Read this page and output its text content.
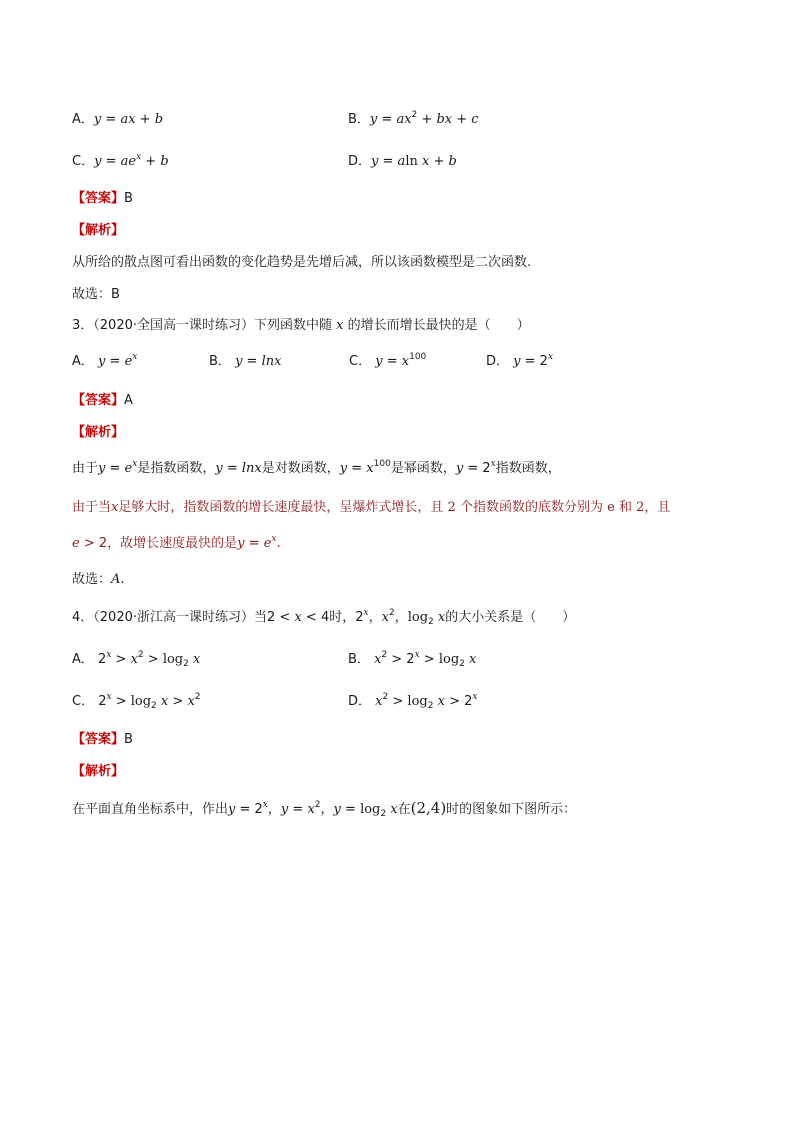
A．y = ax + b	B．$y = ax^2$ + bx + c
C．$y = ae^x + b$	D．y = aln x + b
【答案】B
【解析】
从所给的散点图可看出函数的变化趋势是先增后减，所以该函数模型是二次函数.
故选：B
3．（2020·全国高一课时练习）下列函数中随 x 的增长而增长最快的是（　　）
A． $y = e^x$	B． y = lnx	C． $y = x^{100}$	D． $y = 2^x$
【答案】A
【解析】
由于$y = e^x$是指数函数，y = lnx是对数函数，$y = x^{100}$是幂函数，$y = 2^x$指数函数，
由于当x足够大时，指数函数的增长速度最快，呈爆炸式增长，且 2 个指数函数的底数分别为 e 和 2，且
e > 2，故增长速度最快的是$y = e^x$.
故选：A.
4．（2020·浙江高一课时练习）当2 < x < 4时，2$^x$，$x^2$，$\log_2 x$的大小关系是（　　）
A． $2^x > x^2 > \log_2 x$	B． $x^2 > 2^x > \log_2 x$
C． $2^x > \log_2 x > x^2$	D． $x^2 > \log_2 x > 2^x$
【答案】B
【解析】
在平面直角坐标系中，作出$y = 2^x$，$y = x^2$，$y = \log_2 x$在(2,4)时的图象如下图所示：
